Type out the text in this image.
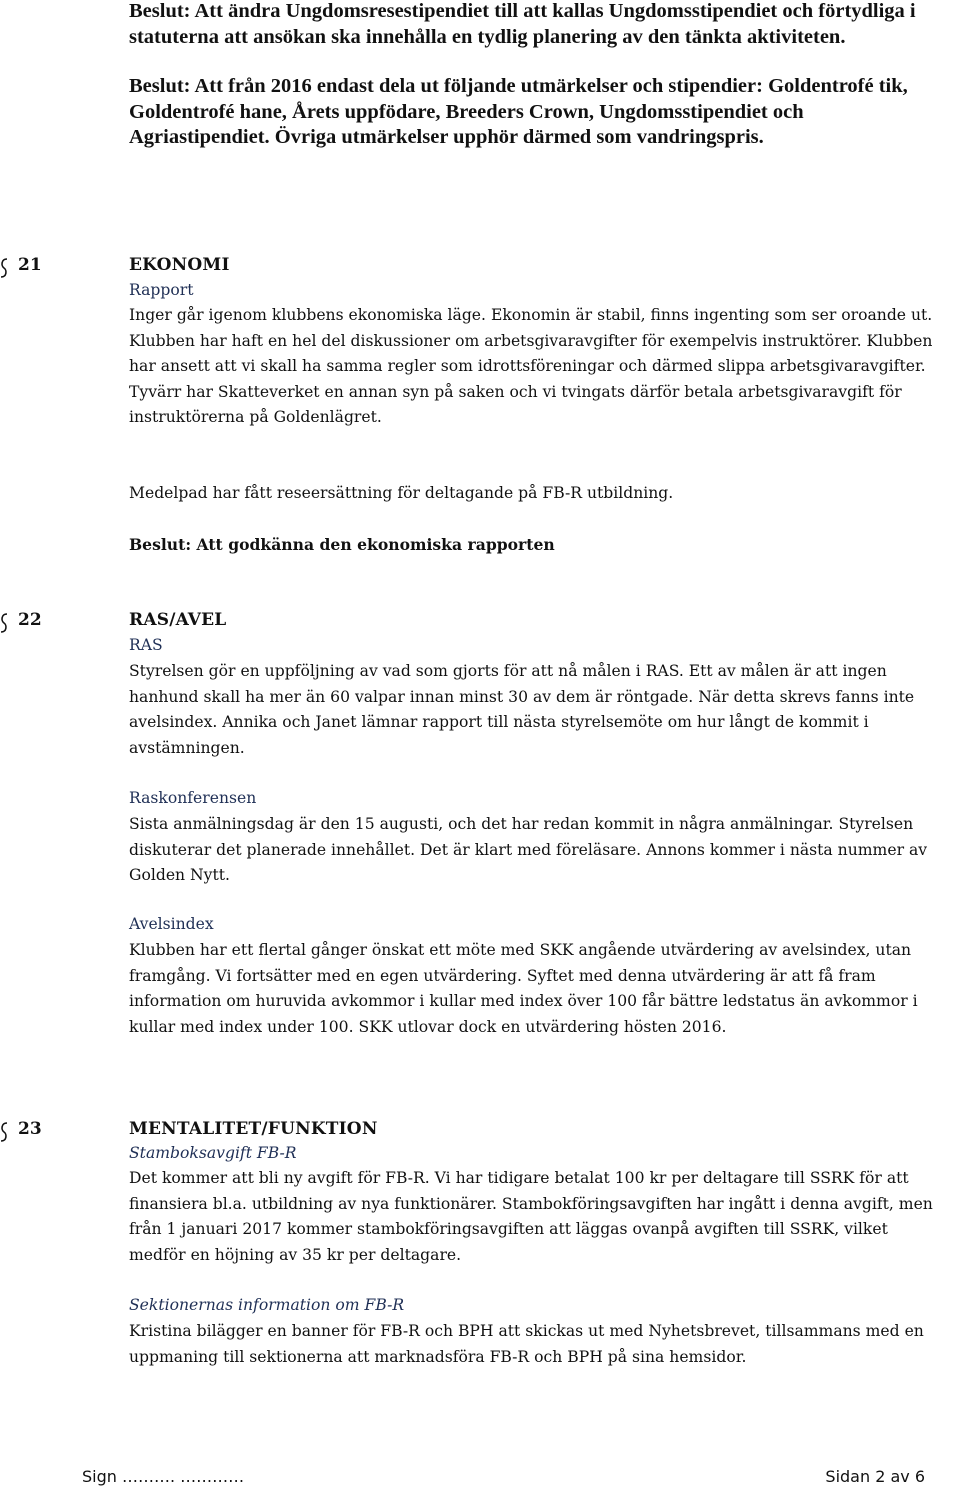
Beslut: Att ändra Ungdomsresestipendiet till att kallas Ungdomsstipendiet och förtydliga i statuterna att ansökan ska innehålla en tydlig planering av den tänkta aktiviteten.

Beslut: Att från 2016 endast dela ut följande utmärkelser och stipendier: Goldentrofé tik, Goldentrofé hane, Årets uppfödare, Breeders Crown, Ungdomsstipendiet och Agriastipendiet. Övriga utmärkelser upphör därmed som vandringspris.

21	EKONOMI

Rapport

Inger går igenom klubbens ekonomiska läge. Ekonomin är stabil, finns ingenting som ser oroande ut.
Klubben har haft en hel del diskussioner om arbetsgivaravgifter för exempelvis instruktörer. Klubben har ansett att vi skall ha samma regler som idrottsföreningar och därmed slippa arbetsgivaravgifter. Tyvärr har Skatteverket en annan syn på saken och vi tvingats därför betala arbetsgivaravgift för instruktörerna på Goldenlägret.

Medelpad har fått reseersättning för deltagande på FB-R utbildning.

Beslut: Att godkänna den ekonomiska rapporten

22	RAS/AVEL

RAS

Styrelsen gör en uppföljning av vad som gjorts för att nå målen i RAS. Ett av målen är att ingen hanhund skall ha mer än 60 valpar innan minst 30 av dem är röntgade. När detta skrevs fanns inte avelsindex. Annika och Janet lämnar rapport till nästa styrelsemöte om hur långt de kommit i avstämningen.

Raskonferensen

Sista anmälningsdag är den 15 augusti, och det har redan kommit in några anmälningar. Styrelsen diskuterar det planerade innehållet. Det är klart med föreläsare. Annons kommer i nästa nummer av Golden Nytt.

Avelsindex

Klubben har ett flertal gånger önskat ett möte med SKK angående utvärdering av avelsindex, utan framgång. Vi fortsätter med en egen utvärdering. Syftet med denna utvärdering är att få fram information om huruvida avkommor i kullar med index över 100 får bättre ledstatus än avkommor i kullar med index under 100. SKK utlovar dock en utvärdering hösten 2016.

23	MENTALITET/FUNKTION

Stamboksavgift FB-R

Det kommer att bli ny avgift för FB-R. Vi har tidigare betalat 100 kr per deltagare till SSRK för att finansiera bl.a. utbildning av nya funktionärer. Stambokföringsavgiften har ingått i denna avgift, men från 1 januari 2017 kommer stambokföringsavgiften att läggas ovanpå avgiften till SSRK, vilket medför en höjning av 35 kr per deltagare.

Sektionernas information om FB-R

Kristina bilägger en banner för FB-R och BPH att skickas ut med Nyhetsbrevet, tillsammans med en uppmaning till sektionerna att marknadsföra FB-R och BPH på sina hemsidor.

Sign ………. …………	Sidan 2 av 6
